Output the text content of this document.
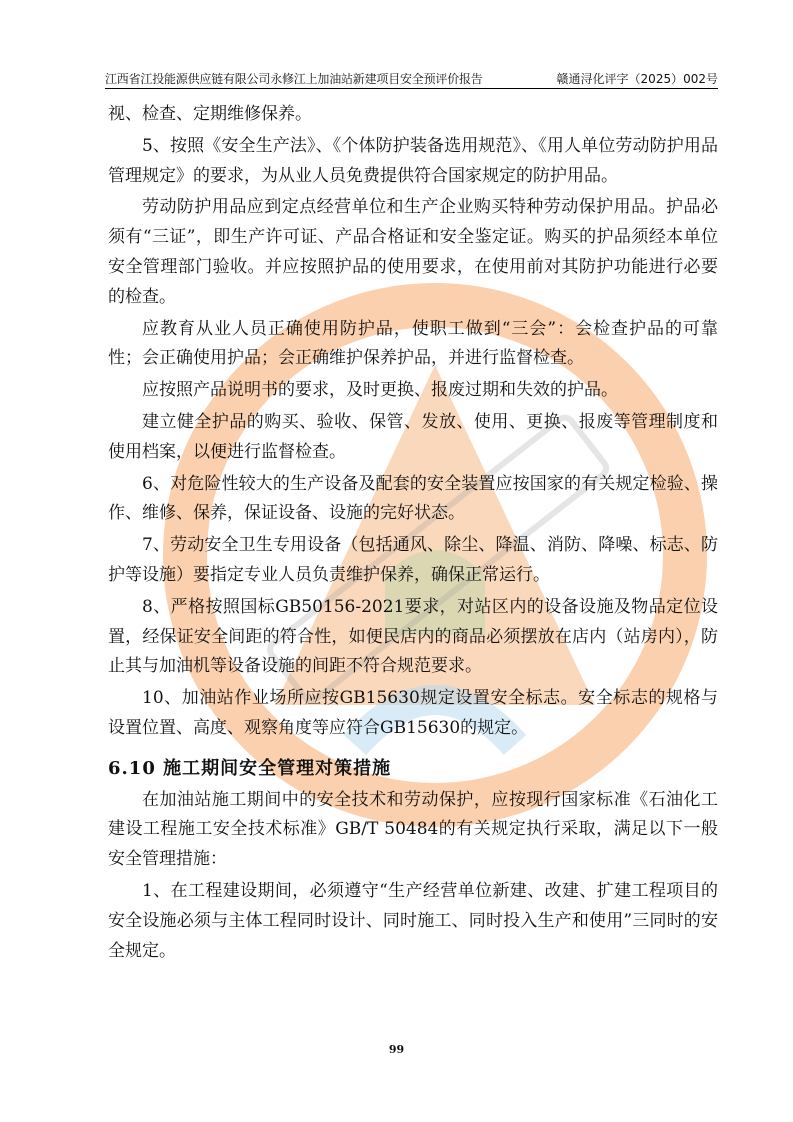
江西省江投能源供应链有限公司永修江上加油站新建项目安全预评价报告	赣通浔化评字（2025）002号

视、检查、定期维修保养。

5、按照《安全生产法》、《个体防护装备选用规范》、《用人单位劳动防护用品管理规定》的要求，为从业人员免费提供符合国家规定的防护用品。

劳动防护用品应到定点经营单位和生产企业购买特种劳动保护用品。护品必须有“三证”，即生产许可证、产品合格证和安全鉴定证。购买的护品须经本单位安全管理部门验收。并应按照护品的使用要求，在使用前对其防护功能进行必要的检查。

应教育从业人员正确使用防护品，使职工做到“三会”：会检查护品的可靠性；会正确使用护品；会正确维护保养护品，并进行监督检查。

应按照产品说明书的要求，及时更换、报废过期和失效的护品。

建立健全护品的购买、验收、保管、发放、使用、更换、报废等管理制度和使用档案，以便进行监督检查。

6、对危险性较大的生产设备及配套的安全装置应按国家的有关规定检验、操作、维修、保养，保证设备、设施的完好状态。

7、劳动安全卫生专用设备（包括通风、除尘、降温、消防、降噪、标志、防护等设施）要指定专业人员负责维护保养，确保正常运行。

8、严格按照国标GB50156-2021要求，对站区内的设备设施及物品定位设置，经保证安全间距的符合性，如便民店内的商品必须摆放在店内（站房内），防止其与加油机等设备设施的间距不符合规范要求。

10、加油站作业场所应按GB15630规定设置安全标志。安全标志的规格与设置位置、高度、观察角度等应符合GB15630的规定。

6.10 施工期间安全管理对策措施

在加油站施工期间中的安全技术和劳动保护，应按现行国家标准《石油化工建设工程施工安全技术标准》GB/T 50484的有关规定执行采取，满足以下一般安全管理措施：

1、在工程建设期间，必须遵守“生产经营单位新建、改建、扩建工程项目的安全设施必须与主体工程同时设计、同时施工、同时投入生产和使用”三同时的安全规定。

99
